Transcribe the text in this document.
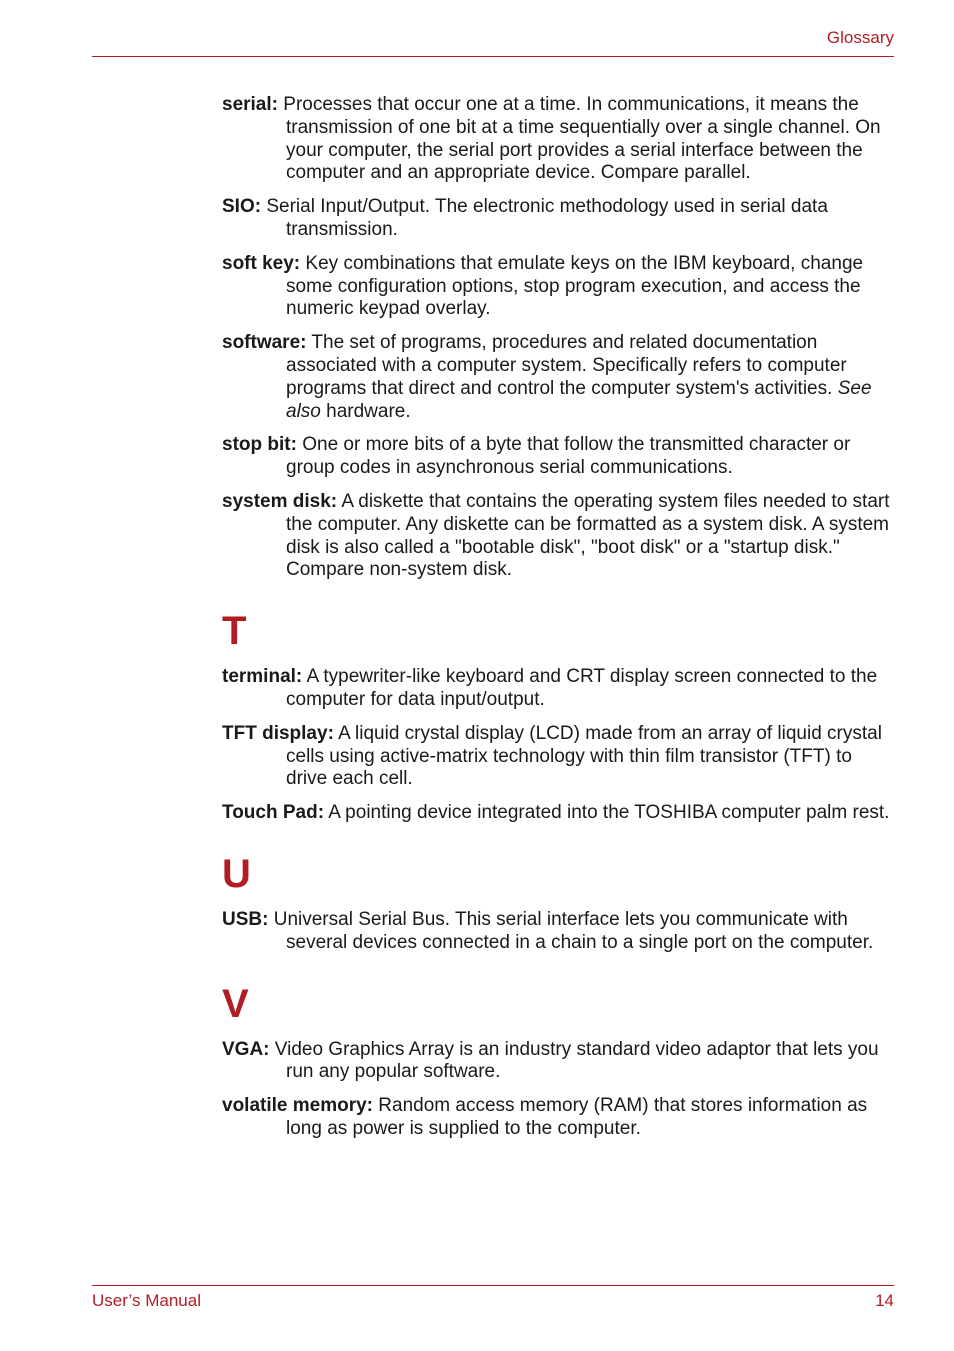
Glossary

serial: Processes that occur one at a time. In communications, it means the transmission of one bit at a time sequentially over a single channel. On your computer, the serial port provides a serial interface between the computer and an appropriate device. Compare parallel.

SIO: Serial Input/Output. The electronic methodology used in serial data transmission.

soft key: Key combinations that emulate keys on the IBM keyboard, change some configuration options, stop program execution, and access the numeric keypad overlay.

software: The set of programs, procedures and related documentation associated with a computer system. Specifically refers to computer programs that direct and control the computer system's activities. See also hardware.

stop bit: One or more bits of a byte that follow the transmitted character or group codes in asynchronous serial communications.

system disk: A diskette that contains the operating system files needed to start the computer. Any diskette can be formatted as a system disk. A system disk is also called a "bootable disk", "boot disk" or a "startup disk." Compare non-system disk.

T

terminal: A typewriter-like keyboard and CRT display screen connected to the computer for data input/output.

TFT display: A liquid crystal display (LCD) made from an array of liquid crystal cells using active-matrix technology with thin film transistor (TFT) to drive each cell.

Touch Pad: A pointing device integrated into the TOSHIBA computer palm rest.

U

USB: Universal Serial Bus. This serial interface lets you communicate with several devices connected in a chain to a single port on the computer.

V

VGA: Video Graphics Array is an industry standard video adaptor that lets you run any popular software.

volatile memory: Random access memory (RAM) that stores information as long as power is supplied to the computer.

User’s Manual	14
